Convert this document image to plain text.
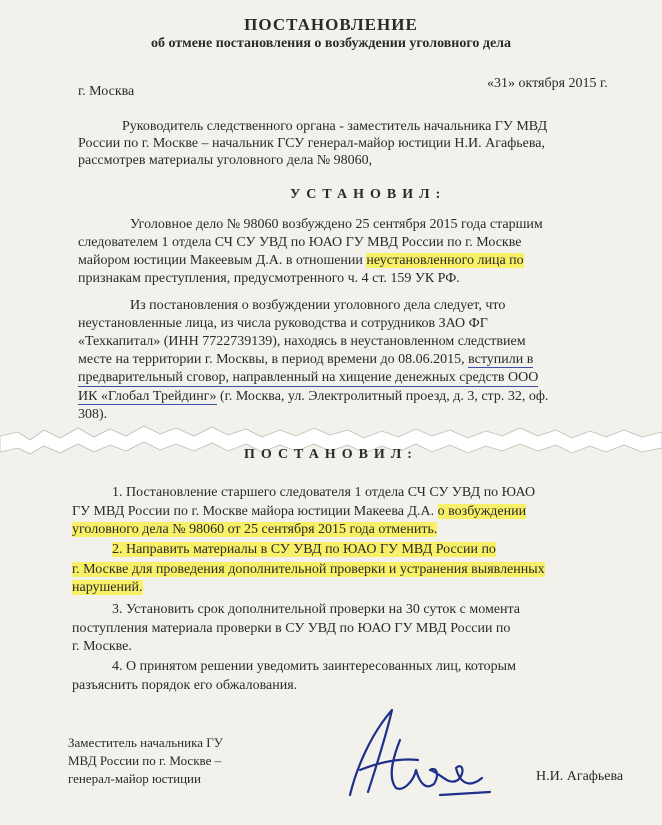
ПОСТАНОВЛЕНИЕ
об отмене постановления о возбуждении уголовного дела
г. Москва
«31» октября 2015 г.
Руководитель следственного органа - заместитель начальника ГУ МВД
России по г. Москве – начальник ГСУ генерал-майор юстиции Н.И. Агафьева,
рассмотрев материалы уголовного дела № 98060,
УСТАНОВИЛ:
Уголовное дело № 98060 возбуждено 25 сентября 2015 года старшим
следователем 1 отдела СЧ СУ УВД по ЮАО ГУ МВД России по г. Москве
майором юстиции Макеевым Д.А. в отношении неустановленного лица по
признакам преступления, предусмотренного ч. 4 ст. 159 УК РФ.
Из постановления о возбуждении уголовного дела следует, что
неустановленные лица, из числа руководства и сотрудников ЗАО ФГ
«Техкапитал» (ИНН 7722739139), находясь в неустановленном следствием
месте на территории г. Москвы, в период времени до 08.06.2015, вступили в
предварительный сговор, направленный на хищение денежных средств ООО
ИК «Глобал Трейдинг» (г. Москва, ул. Электролитный проезд, д. 3, стр. 32, оф.
308).
ПОСТАНОВИЛ:
1. Постановление старшего следователя 1 отдела СЧ СУ УВД по ЮАО
ГУ МВД России по г. Москве майора юстиции Макеева Д.А. о возбуждении
уголовного дела № 98060 от 25 сентября 2015 года отменить.
2. Направить материалы в СУ УВД по ЮАО ГУ МВД России по
г. Москве для проведения дополнительной проверки и устранения выявленных
нарушений.
3. Установить срок дополнительной проверки на 30 суток с момента
поступления материала проверки в СУ УВД по ЮАО ГУ МВД России по
г. Москве.
4. О принятом решении уведомить заинтересованных лиц, которым
разъяснить порядок его обжалования.
Заместитель начальника ГУ
МВД России по г. Москве –
генерал-майор юстиции	Н.И. Агафьева
